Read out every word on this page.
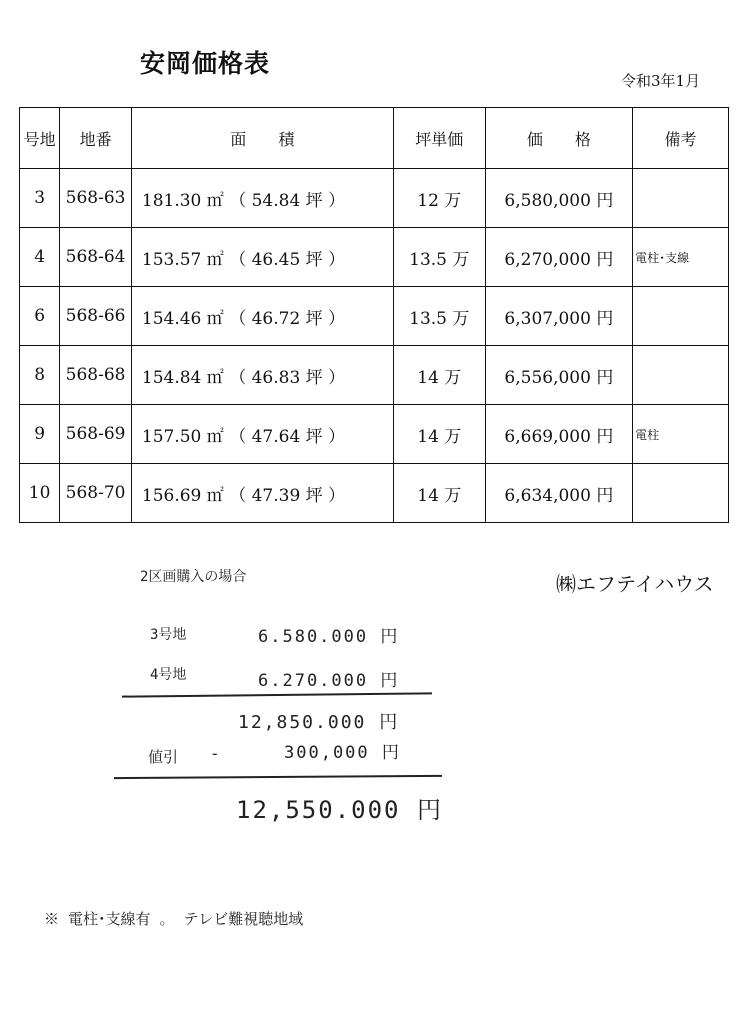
安岡価格表
令和3年1月
号地	地番	面　　積	坪単価	価　　格	備考
3	568-63	181.30 ㎡ （ 54.84 坪 ）	12 万	6,580,000 円	
4	568-64	153.57 ㎡ （ 46.45 坪 ）	13.5 万	6,270,000 円	電柱･支線
6	568-66	154.46 ㎡ （ 46.72 坪 ）	13.5 万	6,307,000 円	
8	568-68	154.84 ㎡ （ 46.83 坪 ）	14 万	6,556,000 円	
9	568-69	157.50 ㎡ （ 47.64 坪 ）	14 万	6,669,000 円	電柱
10	568-70	156.69 ㎡ （ 47.39 坪 ）	14 万	6,634,000 円	
㈱エフテイハウス
2区画購入の場合
3号地	6.580.000 円
4号地	6.270.000 円
12,850.000 円
値引 -	300,000 円
12,550.000 円
※ 電柱･支線有 。 テレビ難視聴地域
